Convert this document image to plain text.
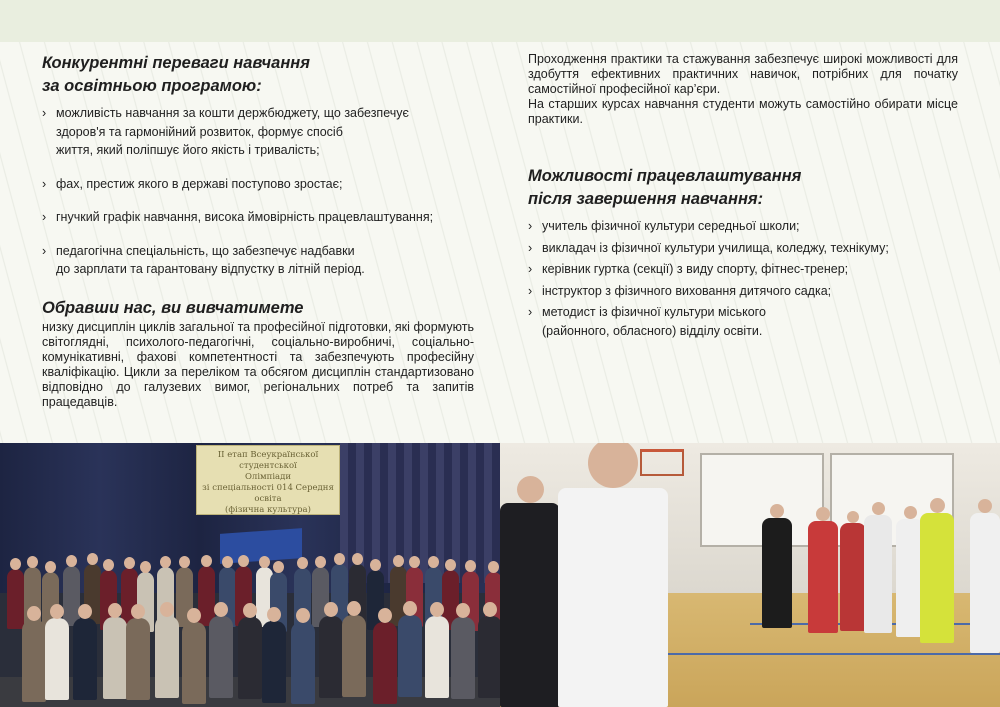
Конкурентні переваги навчання
за освітньою програмою:
› можливість навчання за кошти держбюджету, що забезпечує
здоров'я та гармонійний розвиток, формує спосіб
життя, який поліпшує його якість і тривалість;
› фах, престиж якого в державі поступово зростає;
› гнучкий графік навчання, висока ймовірність працевлаштування;
› педагогічна спеціальність, що забезпечує надбавки
до зарплати та гарантовану відпустку в літній період.
Обравши нас, ви вивчатимете

низку дисциплін циклів загальної та професійної підготовки, які формують світоглядні, психолого-педагогічні, соціально-виробничі, соціально-комунікативні, фахові компетентності та забезпечують професійну кваліфікацію. Цикли за переліком та обсягом дисциплін стандартизовано відповідно до галузевих вимог, регіональних потреб та запитів працедавців.

Проходження практики та стажування забезпечує широкі можливості для здобуття ефективних практичних навичок, потрібних для початку самостійної професійної кар’єри.

На старших курсах навчання студенти можуть самостійно обирати місце практики.

Можливості працевлаштування
після завершення навчання:
› учитель фізичної культури середньої школи;
› викладач із фізичної культури училища, коледжу, технікуму;
› керівник гуртка (секції) з виду спорту, фітнес-тренер;
› інструктор з фізичного виховання дитячого садка;
› методист із фізичної культури міського
(районного, обласного) відділу освіти.
ІІ етап Всеукраїнської студентської
Олімпіади
зі спеціальності 014 Середня освіта
(фізична культура)
